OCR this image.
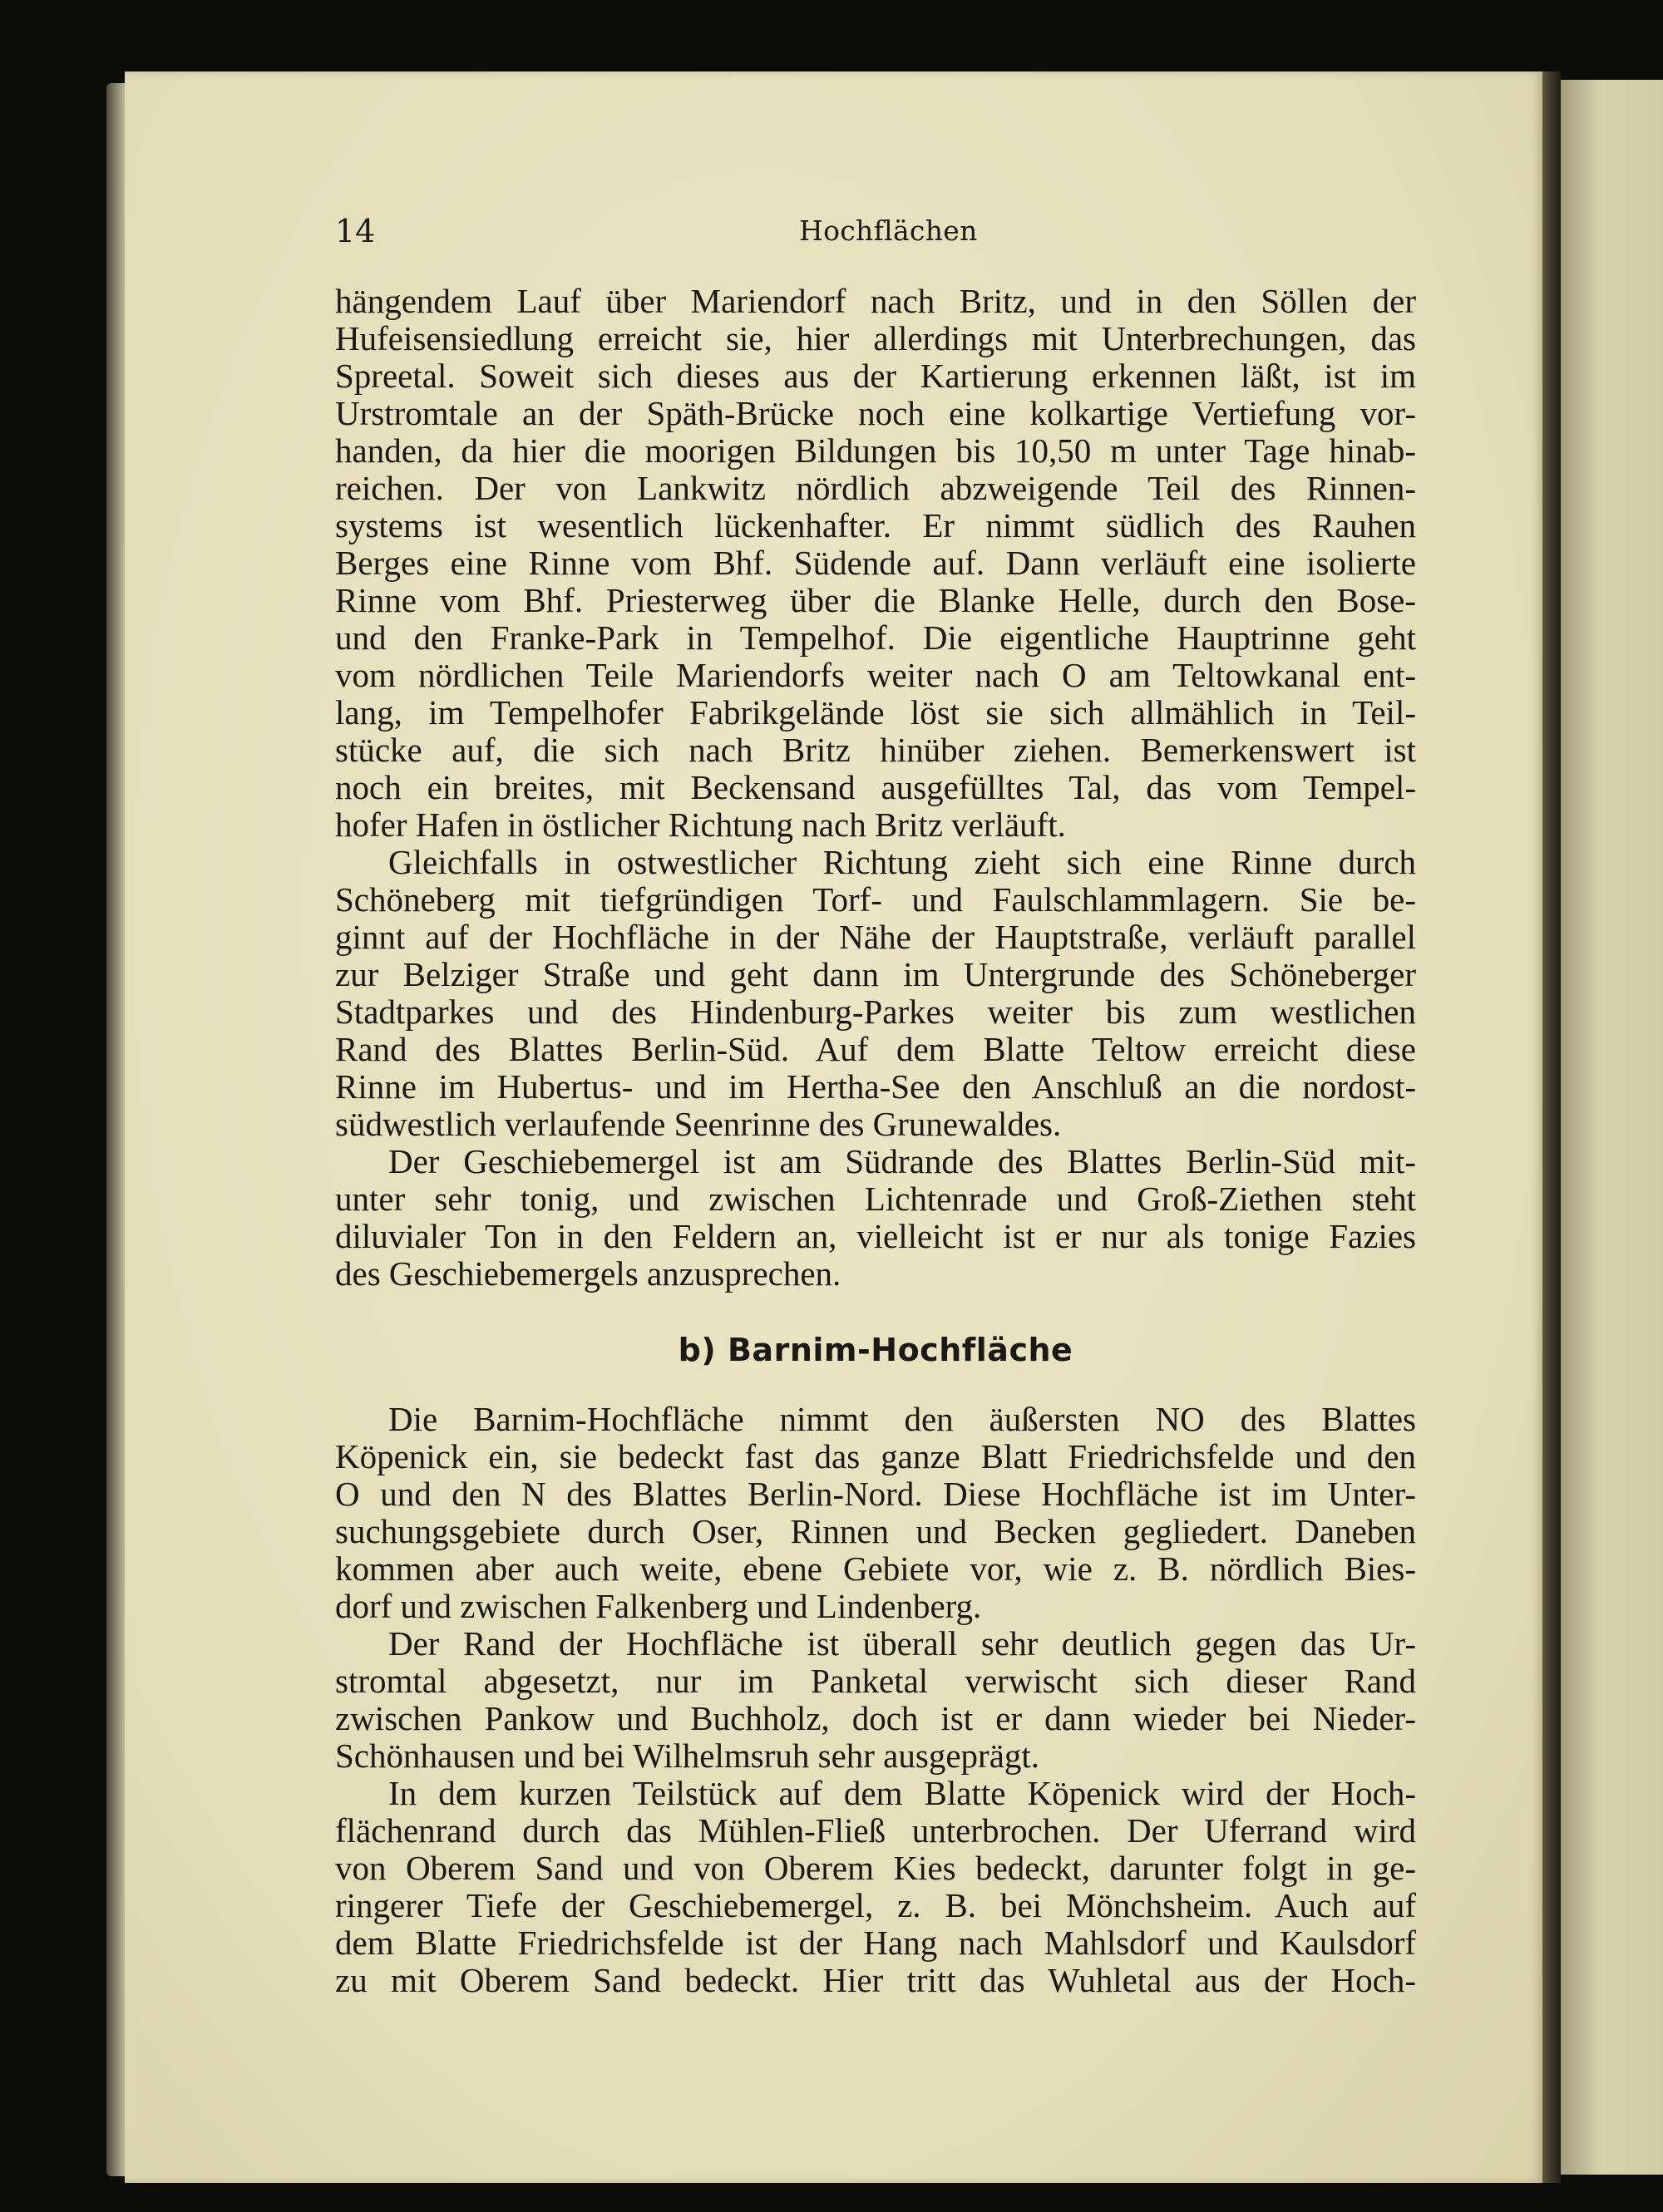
14	Hochflächen

hängendem Lauf über Mariendorf nach Britz, und in den Söllen der
Hufeisensiedlung erreicht sie, hier allerdings mit Unterbrechungen, das
Spreetal. Soweit sich dieses aus der Kartierung erkennen läßt, ist im
Urstromtale an der Späth-Brücke noch eine kolkartige Vertiefung vor-
handen, da hier die moorigen Bildungen bis 10,50 m unter Tage hinab-
reichen. Der von Lankwitz nördlich abzweigende Teil des Rinnen-
systems ist wesentlich lückenhafter. Er nimmt südlich des Rauhen
Berges eine Rinne vom Bhf. Südende auf. Dann verläuft eine isolierte
Rinne vom Bhf. Priesterweg über die Blanke Helle, durch den Bose-
und den Franke-Park in Tempelhof. Die eigentliche Hauptrinne geht
vom nördlichen Teile Mariendorfs weiter nach O am Teltowkanal ent-
lang, im Tempelhofer Fabrikgelände löst sie sich allmählich in Teil-
stücke auf, die sich nach Britz hinüber ziehen. Bemerkenswert ist
noch ein breites, mit Beckensand ausgefülltes Tal, das vom Tempel-
hofer Hafen in östlicher Richtung nach Britz verläuft.

Gleichfalls in ostwestlicher Richtung zieht sich eine Rinne durch
Schöneberg mit tiefgründigen Torf- und Faulschlammlagern. Sie be-
ginnt auf der Hochfläche in der Nähe der Hauptstraße, verläuft parallel
zur Belziger Straße und geht dann im Untergrunde des Schöneberger
Stadtparkes und des Hindenburg-Parkes weiter bis zum westlichen
Rand des Blattes Berlin-Süd. Auf dem Blatte Teltow erreicht diese
Rinne im Hubertus- und im Hertha-See den Anschluß an die nordost-
südwestlich verlaufende Seenrinne des Grunewaldes.

Der Geschiebemergel ist am Südrande des Blattes Berlin-Süd mit-
unter sehr tonig, und zwischen Lichtenrade und Groß-Ziethen steht
diluvialer Ton in den Feldern an, vielleicht ist er nur als tonige Fazies
des Geschiebemergels anzusprechen.

b) Barnim-Hochfläche

Die Barnim-Hochfläche nimmt den äußersten NO des Blattes
Köpenick ein, sie bedeckt fast das ganze Blatt Friedrichsfelde und den
O und den N des Blattes Berlin-Nord. Diese Hochfläche ist im Unter-
suchungsgebiete durch Oser, Rinnen und Becken gegliedert. Daneben
kommen aber auch weite, ebene Gebiete vor, wie z. B. nördlich Bies-
dorf und zwischen Falkenberg und Lindenberg.

Der Rand der Hochfläche ist überall sehr deutlich gegen das Ur-
stromtal abgesetzt, nur im Panketal verwischt sich dieser Rand
zwischen Pankow und Buchholz, doch ist er dann wieder bei Nieder-
Schönhausen und bei Wilhelmsruh sehr ausgeprägt.

In dem kurzen Teilstück auf dem Blatte Köpenick wird der Hoch-
flächenrand durch das Mühlen-Fließ unterbrochen. Der Uferrand wird
von Oberem Sand und von Oberem Kies bedeckt, darunter folgt in ge-
ringerer Tiefe der Geschiebemergel, z. B. bei Mönchsheim. Auch auf
dem Blatte Friedrichsfelde ist der Hang nach Mahlsdorf und Kaulsdorf
zu mit Oberem Sand bedeckt. Hier tritt das Wuhletal aus der Hoch-
